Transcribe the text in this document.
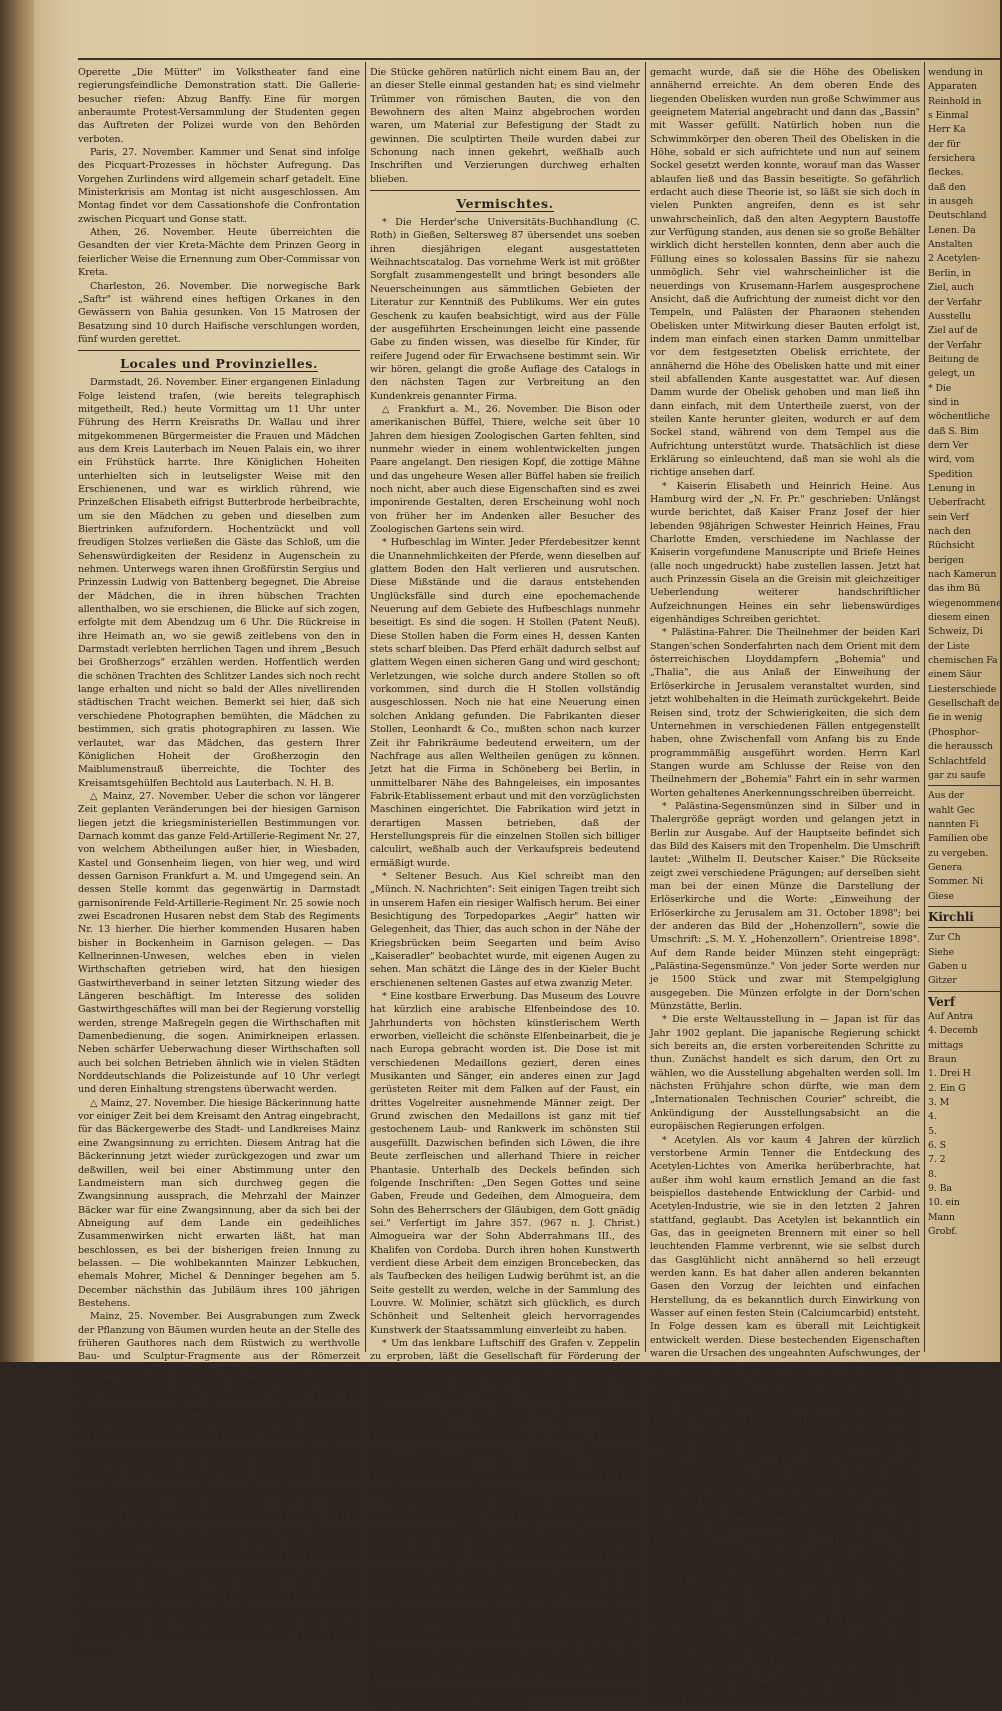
Operette „Die Mütter" im Volkstheater fand eine regierungsfeindliche Demonstration statt. Die Gallerie-besucher riefen: Abzug Banffy. Eine für morgen anberaumte Protest-Versammlung der Studenten gegen das Auftreten der Polizei wurde von den Behörden verboten.

Paris, 27. November. Kammer und Senat sind infolge des Picquart-Prozesses in höchster Aufregung. Das Vorgehen Zurlindens wird allgemein scharf getadelt. Eine Ministerkrisis am Montag ist nicht ausgeschlossen. Am Montag findet vor dem Cassationshofe die Confrontation zwischen Picquart und Gonse statt.

Athen, 26. November. Heute überreichten die Gesandten der vier Kreta-Mächte dem Prinzen Georg in feierlicher Weise die Ernennung zum Ober-Commissar von Kreta.

Charleston, 26. November. Die norwegische Bark „Saftr" ist während eines heftigen Orkanes in den Gewässern von Bahia gesunken. Von 15 Matrosen der Besatzung sind 10 durch Haifische verschlungen worden, fünf wurden gerettet.

Locales und Provinzielles.

Darmstadt, 26. November. Einer ergangenen Einladung Folge leistend trafen, (wie bereits telegraphisch mitgetheilt, Red.) heute Vormittag um 11 Uhr unter Führung des Herrn Kreisraths Dr. Wallau und ihrer mitgekommenen Bürgermeister die Frauen und Mädchen aus dem Kreis Lauterbach im Neuen Palais ein, wo ihrer ein Frühstück harrte. Ihre Königlichen Hoheiten unterhielten sich in leutseligster Weise mit den Erschienenen, und war es wirklich rührend, wie Prinzeßchen Elisabeth eifrigst Butterbrode herbeibrachte, um sie den Mädchen zu geben und dieselben zum Biertrinken aufzufordern. Hochentzückt und voll freudigen Stolzes verließen die Gäste das Schloß, um die Sehenswürdigkeiten der Residenz in Augenschein zu nehmen. Unterwegs waren ihnen Großfürstin Sergius und Prinzessin Ludwig von Battenberg begegnet. Die Abreise der Mädchen, die in ihren hübschen Trachten allenthalben, wo sie erschienen, die Blicke auf sich zogen, erfolgte mit dem Abendzug um 6 Uhr. Die Rückreise in ihre Heimath an, wo sie gewiß zeitlebens von den in Darmstadt verlebten herrlichen Tagen und ihrem „Besuch bei Großherzogs" erzählen werden. Hoffentlich werden die schönen Trachten des Schlitzer Landes sich noch recht lange erhalten und nicht so bald der Alles nivellirenden städtischen Tracht weichen. Bemerkt sei hier, daß sich verschiedene Photographen bemühten, die Mädchen zu bestimmen, sich gratis photographiren zu lassen. Wie verlautet, war das Mädchen, das gestern Ihrer Königlichen Hoheit der Großherzogin den Maiblumenstrauß überreichte, die Tochter des Kreisamtsgehülfen Bechtold aus Lauterbach. N. H. B.

△ Mainz, 27. November. Ueber die schon vor längerer Zeit geplanten Veränderungen bei der hiesigen Garnison liegen jetzt die kriegsministeriellen Bestimmungen vor. Darnach kommt das ganze Feld-Artillerie-Regiment Nr. 27, von welchem Abtheilungen außer hier, in Wiesbaden, Kastel und Gonsenheim liegen, von hier weg, und wird dessen Garnison Frankfurt a. M. und Umgegend sein. An dessen Stelle kommt das gegenwärtig in Darmstadt garnisonirende Feld-Artillerie-Regiment Nr. 25 sowie noch zwei Escadronen Husaren nebst dem Stab des Regiments Nr. 13 hierher. Die hierher kommenden Husaren haben bisher in Bockenheim in Garnison gelegen. — Das Kellnerinnen-Unwesen, welches eben in vielen Wirthschaften getrieben wird, hat den hiesigen Gastwirtheverband in seiner letzten Sitzung wieder des Längeren beschäftigt. Im Interesse des soliden Gastwirthgeschäftes will man bei der Regierung vorstellig werden, strenge Maßregeln gegen die Wirthschaften mit Damenbedienung, die sogen. Animirkneipen erlassen. Neben schärfer Ueberwachung dieser Wirthschaften soll auch bei solchen Betrieben ähnlich wie in vielen Städten Norddeutschlands die Polizeistunde auf 10 Uhr verlegt und deren Einhaltung strengstens überwacht werden.

△ Mainz, 27. November. Die hiesige Bäckerinnung hatte vor einiger Zeit bei dem Kreisamt den Antrag eingebracht, für das Bäckergewerbe des Stadt- und Landkreises Mainz eine Zwangsinnung zu errichten. Diesem Antrag hat die Bäckerinnung jetzt wieder zurückgezogen und zwar um deßwillen, weil bei einer Abstimmung unter den Landmeistern man sich durchweg gegen die Zwangsinnung aussprach, die Mehrzahl der Mainzer Bäcker war für eine Zwangsinnung, aber da sich bei der Abneigung auf dem Lande ein gedeihliches Zusammenwirken nicht erwarten läßt, hat man beschlossen, es bei der bisherigen freien Innung zu belassen. — Die wohlbekannten Mainzer Lebkuchen, ehemals Mohrer, Michel & Denninger begehen am 5. December nächsthin das Jubiläum ihres 100 jährigen Bestehens.

Mainz, 25. November. Bei Ausgrabungen zum Zweck der Pflanzung von Bäumen wurden heute an der Stelle des früheren Gauthores nach dem Rüstwich zu werthvolle Bau- und Sculptur-Fragmente aus der Römerzeit ausgefunden. So wurden die Reliefbilder sitzender Figuren, allerdings nur in den unteren Hälften, erhoben. Von außerordentlicher Bedeutung erwies sich die Freilegung einer größeren Strecke einer Mauer, bevor sie völlig ausgebrochen wurde. Hier zeigte sich offenkundig, mit welcher Absichtlichkeit die Bau- und Sculptur-Theile schonend vermauert worden waren; nach der Angriffseite nicht ein Stück mit der Bildseite nach außen gekehrt, sondern alle nach innen oder mindestens in den Lagerflächen verwendet. Man fand ferner Bogensteine mit Architrav-Profilen und Medaillons, die zu weiten Thoreingängen gehörten, Deckplatten und Pfeiler, Stücke von Wandpfeilern mit Cannelüren und Kapitälen, aufsteigende Flachverzierungen, die aus Thyrsusstäben, von Weinreben umwunden, gebildet sind; endlich einen figürlichen Relief, einen Bachus-Rumpf mit einem Ziegenbock darstellend. Die Inschrift mit Sorgfalt hergestellt und an den beiden Enden durch Medaillons mit Genien abgeschlossen. Die Entzifferung wird nicht ohne Schwierigkeit sein, weil ein Quader fehlt; doch ist zu ersehen, daß sich die Inschrift auf die Stadt Mainz bezieht.

Die Stücke gehören natürlich nicht einem Bau an, der an dieser Stelle einmal gestanden hat; es sind vielmehr Trümmer von römischen Bauten, die von den Bewohnern des alten Mainz abgebrochen worden waren, um Material zur Befestigung der Stadt zu gewinnen. Die sculptirten Theile wurden dabei zur Schonung nach innen gekehrt, weßhalb auch Inschriften und Verzierungen durchweg erhalten blieben.

Vermischtes.

* Die Herder'sche Universitäts-Buchhandlung (C. Roth) in Gießen, Seltersweg 87 übersendet uns soeben ihren diesjährigen elegant ausgestatteten Weihnachtscatalog. Das vornehme Werk ist mit größter Sorgfalt zusammengestellt und bringt besonders alle Neuerscheinungen aus sämmtlichen Gebieten der Literatur zur Kenntniß des Publikums. Wer ein gutes Geschenk zu kaufen beabsichtigt, wird aus der Fülle der ausgeführten Erscheinungen leicht eine passende Gabe zu finden wissen, was dieselbe für Kinder, für reifere Jugend oder für Erwachsene bestimmt sein. Wir wir hören, gelangt die große Auflage des Catalogs in den nächsten Tagen zur Verbreitung an den Kundenkreis genannter Firma.

△ Frankfurt a. M., 26. November. Die Bison oder amerikanischen Büffel, Thiere, welche seit über 10 Jahren dem hiesigen Zoologischen Garten fehlten, sind nunmehr wieder in einem wohlentwickelten jungen Paare angelangt. Den riesigen Kopf, die zottige Mähne und das ungeheure Wesen aller Büffel haben sie freilich noch nicht, aber auch diese Eigenschaften sind es zwei imponirende Gestalten, deren Erscheinung wohl noch von früher her im Andenken aller Besucher des Zoologischen Gartens sein wird.

* Hufbeschlag im Winter. Jeder Pferdebesitzer kennt die Unannehmlichkeiten der Pferde, wenn dieselben auf glattem Boden den Halt verlieren und ausrutschen. Diese Mißstände und die daraus entstehenden Unglücksfälle sind durch eine epochemachende Neuerung auf dem Gebiete des Hufbeschlags nunmehr beseitigt. Es sind die sogen. H Stollen (Patent Neuß). Diese Stollen haben die Form eines H, dessen Kanten stets scharf bleiben. Das Pferd erhält dadurch selbst auf glattem Wegen einen sicheren Gang und wird geschont; Verletzungen, wie solche durch andere Stollen so oft vorkommen, sind durch die H Stollen vollständig ausgeschlossen. Noch nie hat eine Neuerung einen solchen Anklang gefunden. Die Fabrikanten dieser Stollen, Leonhardt & Co., mußten schon nach kurzer Zeit ihr Fabrikräume bedeutend erweitern, um der Nachfrage aus allen Weltheilen genügen zu können. Jetzt hat die Firma in Schöneberg bei Berlin, in unmittelbarer Nähe des Bahngeleises, ein imposantes Fabrik-Etablissement erbaut und mit den vorzüglichsten Maschinen eingerichtet. Die Fabrikation wird jetzt in derartigen Massen betrieben, daß der Herstellungspreis für die einzelnen Stollen sich billiger calculirt, weßhalb auch der Verkaufspreis bedeutend ermäßigt wurde.

* Seltener Besuch. Aus Kiel schreibt man den „Münch. N. Nachrichten": Seit einigen Tagen treibt sich in unserem Hafen ein riesiger Walfisch herum. Bei einer Besichtigung des Torpedoparkes „Aegir" hatten wir Gelegenheit, das Thier, das auch schon in der Nähe der Kriegsbrücken beim Seegarten und beim Aviso „Kaiseradler" beobachtet wurde, mit eigenen Augen zu sehen. Man schätzt die Länge des in der Kieler Bucht erschienenen seltenen Gastes auf etwa zwanzig Meter.

* Eine kostbare Erwerbung. Das Museum des Louvre hat kürzlich eine arabische Elfenbeindose des 10. Jahrhunderts von höchsten künstlerischem Werth erworben, vielleicht die schönste Elfenbeinarbeit, die je nach Europa gebracht worden ist. Die Dose ist mit verschiedenen Medaillons geziert, deren eines Musikanten und Sänger, ein anderes einen zur Jagd gerüsteten Reiter mit dem Falken auf der Faust, ein drittes Vogelreiter ausnehmende Männer zeigt. Der Grund zwischen den Medaillons ist ganz mit tief gestochenem Laub- und Rankwerk im schönsten Stil ausgefüllt. Dazwischen befinden sich Löwen, die ihre Beute zerfleischen und allerhand Thiere in reicher Phantasie. Unterhalb des Deckels befinden sich folgende Inschriften: „Den Segen Gottes und seine Gaben, Freude und Gedeihen, dem Almogueira, dem Sohn des Beherrschers der Gläubigen, dem Gott gnädig sei." Verfertigt im Jahre 357. (967 n. J. Christ.) Almogueira war der Sohn Abderrahmans III., des Khalifen von Cordoba. Durch ihren hohen Kunstwerth verdient diese Arbeit dem einzigen Broncebecken, das als Taufbecken des heiligen Ludwig berühmt ist, an die Seite gestellt zu werden, welche in der Sammlung des Louvre. W. Molinier, schätzt sich glücklich, es durch Schönheit und Seltenheit gleich hervorragendes Kunstwerk der Staatssammlung einverleibt zu haben.

* Um das lenkbare Luftschiff des Grafen v. Zeppelin zu erproben, läßt die Gesellschaft für Förderung der Luftschifffahrt in Stuttgart, der ein Capital von einigen hunderttausend Mark zur Verfügung stehen soll, demnächst, laut dem „Staatsanzeiger für Württemberg", in der Nähe bei Manzell einen schwimmenden Schuppen von riesigen Größenverhältnissen herstellen. In diesem Schuppen soll unter Leitung eines Stuttgarter Maschinentechnikers das lenkbare Luftschiff hergestellt und mit diesem alsdann Flugversuche über den Bodensee gemacht werden.

* Die Aufrichtung der Obelisken, jener Steinkolosse aus der Pharaonenzeit, muß den alten Aegyptern ganz außerordentliche Mühe gemacht haben, weil ihnen keinerlei für diesen Zweck brauchbare Hilfsmittel zur Verfügung standen. Man hat sich lange Zeit darüber gewundert, daß den Aegyptern überhaupt die Bewältigung einer solchen Aufgabe gelungen ist und haben viele Muthmaßungen aufgestellt, welcher Mittel und Wege sie sich bedient haben. Eine sehr hübsche Lösung des Problems glaubt Arnoudeau gefunden zu haben, der annimmt, daß die Aufrichtung so gewaltiger Steinmassen den Aegyptern nur mit Hilfe der Austriebskraft des Wassers möglich gewesen sein wäre. Nach seiner Ansicht wurde der Obelisk an seinem Standort gebracht und dann eine Art von Umfriedung rund herum errichtet, die so hoch

gemacht wurde, daß sie die Höhe des Obelisken annähernd erreichte. An dem oberen Ende des liegenden Obelisken wurden nun große Schwimmer aus geeignetem Material angebracht und dann das „Bassin" mit Wasser gefüllt. Natürlich hoben nun die Schwimmkörper den oberen Theil des Obelisken in die Höhe, sobald er sich aufrichtete und nun auf seinem Sockel gesetzt werden konnte, worauf man das Wasser ablaufen ließ und das Bassin beseitigte. So gefährlich erdacht auch diese Theorie ist, so läßt sie sich doch in vielen Punkten angreifen, denn es ist sehr unwahrscheinlich, daß den alten Aegyptern Baustoffe zur Verfügung standen, aus denen sie so große Behälter wirklich dicht herstellen konnten, denn aber auch die Füllung eines so kolossalen Bassins für sie nahezu unmöglich. Sehr viel wahrscheinlicher ist die neuerdings von Krusemann-Harlem ausgesprochene Ansicht, daß die Aufrichtung der zumeist dicht vor den Tempeln, und Palästen der Pharaonen stehenden Obelisken unter Mitwirkung dieser Bauten erfolgt ist, indem man einfach einen starken Damm unmittelbar vor dem festgesetzten Obelisk errichtete, der annähernd die Höhe des Obelisken hatte und mit einer steil abfallenden Kante ausgestattet war. Auf diesen Damm wurde der Obelisk gehoben und man ließ ihn dann einfach, mit dem Untertheile zuerst, von der steilen Kante herunter gleiten, wodurch er auf dem Sockel stand, während von dem Tempel aus die Aufrichtung unterstützt wurde. Thatsächlich ist diese Erklärung so einleuchtend, daß man sie wohl als die richtige ansehen darf.

* Kaiserin Elisabeth und Heinrich Heine. Aus Hamburg wird der „N. Fr. Pr." geschrieben: Unlängst wurde berichtet, daß Kaiser Franz Josef der hier lebenden 98jährigen Schwester Heinrich Heines, Frau Charlotte Emden, verschiedene im Nachlasse der Kaiserin vorgefundene Manuscripte und Briefe Heines (alle noch ungedruckt) habe zustellen lassen. Jetzt hat auch Prinzessin Gisela an die Greisin mit gleichzeitiger Ueberlendung weiterer handschriftlicher Aufzeichnungen Heines ein sehr liebenswürdiges eigenhändiges Schreiben gerichtet.

* Palästina-Fahrer. Die Theilnehmer der beiden Karl Stangen'schen Sonderfahrten nach dem Orient mit dem österreichischen Lloyddampfern „Bohemia" und „Thalia", die aus Anlaß der Einweihung der Erlöserkirche in Jerusalem veranstaltet wurden, sind jetzt wohlbehalten in die Heimath zurückgekehrt. Beide Reisen sind, trotz der Schwierigkeiten, die sich dem Unternehmen in verschiedenen Fällen entgegenstellt haben, ohne Zwischenfall vom Anfang bis zu Ende programmmäßig ausgeführt worden. Herrn Karl Stangen wurde am Schlusse der Reise von den Theilnehmern der „Bohemia" Fahrt ein in sehr warmen Worten gehaltenes Anerkennungsschreiben überreicht.

* Palästina-Segensmünzen sind in Silber und in Thalergröße geprägt worden und gelangen jetzt in Berlin zur Ausgabe. Auf der Hauptseite befindet sich das Bild des Kaisers mit den Tropenhelm. Die Umschrift lautet: „Wilhelm II. Deutscher Kaiser." Die Rückseite zeigt zwei verschiedene Prägungen; auf derselben sieht man bei der einen Münze die Darstellung der Erlöserkirche und die Worte: „Einweihung der Erlöserkirche zu Jerusalem am 31. October 1898"; bei der anderen das Bild der „Hohenzollern", sowie die Umschrift: „S. M. Y. „Hohenzollern". Orientreise 1898". Auf dem Rande beider Münzen steht eingeprägt: „Palästina-Segensmünze." Von jeder Sorte werden nur je 1500 Stück und zwar mit Stempelgiglung ausgegeben. Die Münzen erfolgte in der Dorn'schen Münzstätte, Berlin.

* Die erste Weltausstellung in — Japan ist für das Jahr 1902 geplant. Die japanische Regierung schickt sich bereits an, die ersten vorbereitenden Schritte zu thun. Zunächst handelt es sich darum, den Ort zu wählen, wo die Ausstellung abgehalten werden soll. Im nächsten Frühjahre schon dürfte, wie man dem „Internationalen Technischen Courier" schreibt, die Ankündigung der Ausstellungsabsicht an die europäischen Regierungen erfolgen.

* Acetylen. Als vor kaum 4 Jahren der kürzlich verstorbene Armin Tenner die Entdeckung des Acetylen-Lichtes von Amerika herüberbrachte, hat außer ihm wohl kaum ernstlich Jemand an die fast beispiellos dastehende Entwicklung der Carbid- und Acetylen-Industrie, wie sie in den letzten 2 Jahren stattfand, geglaubt. Das Acetylen ist bekanntlich ein Gas, das in geeigneten Brennern mit einer so hell leuchtenden Flamme verbrennt, wie sie selbst durch das Gasglühlicht nicht annähernd so hell erzeugt werden kann. Es hat daher allen anderen bekannten Gasen den Vorzug der leichten und einfachen Herstellung, da es bekanntlich durch Einwirkung von Wasser auf einen festen Stein (Calciumcarbid) entsteht. In Folge dessen kam es überall mit Leichtigkeit entwickelt werden. Diese bestechenden Eigenschaften waren die Ursachen des ungeahnten Aufschwunges, der sich alsbald mit großem Eifer auf die industrielle Ausbeutung dieses „neuen Lichtes der Zukunft" zu werfen. Leider waren die Unternehmen anfänglich in allzu großer Zahl vorhanden. Die Folgen davon sind bekannt. Mit diese brennbare Gase, so kann auch das Acetylen unter gewissen Bedingungen zu mehr oder weniger heftigen Explosionen gebracht werden. Da diese Bedingungen bei der Neuheit der Acetylenverwendung nicht genügend studirt waren, konnte man bald überall von zum Theil sehr heftigen Acetylen-Explosionen hören, welche leider oft genug den Tod von Menschenleben bewirkten. Die Folge davon war, daß, wie in vielen Ländern, so auch in Deutschland, drakonische Gesetze und Polizeiverordnungen erlassen wurden, welche die Anwendung von Acetylen derartig erschwerten, daß man in weiten Kreisen, zumal bei den übergroßen Aengstlichkeit des Publikums, über das gefährliche Acetylenlicht zur Tagesordnung überging. Die Möglichkeit seiner allgemeinen Einführung schien ausgeschlossen. Diese Unterdrückung schien dem Acetylen zum Segen gereichen. Eine gar nicht so kleine Schaar begeisterter und berufener Anhänger arbeitete im Stillen eifrig an der technischen Ausbildung der Erzeugung und Verwerthung des Acetylenlichts. Es gelang bald, die Bedingungen seiner rationellen An-

wendung in

Apparaten

Reinhold in

s Einmal

Herr Ka

der für

fersichera

fleckes.

daß den

in ausgeh

Deutschland

Lenen. Da

Anstalten

2 Acetylen-

Berlin, in

Ziel, auch

der Verfahr

Ausstellu

Ziel auf de

der Verfahr

Beitung de

gelegt, un

* Die

sind in

wöchentliche

daß S. Bim

dern Ver

wird, vom

Spedition

Lenung in

Ueberfracht

sein Verf

nach den

Rüchsicht

berigen

nach Kamerun

das ihm Bü

wiegenommene

diesem einen

Schweiz, Di

der Liste

chemischen Fa

einem Säur

Liesterschiede

Gesellschaft de

fie in wenig

(Phosphor-

die heraussch

Schlachtfeld

gar zu saufe

Aus der

wahlt Gec

nannten Fi

Familien obe

zu vergeben.

Genera

Sommer. Ni

Giese

Kirchli

Zur Ch

Siehe

Gaben u

Gitzer

Verf

Auf Antra

4. Decemb

mittags

Braun

1. Drei H

2. Ein G

3. M

4.

5.

6. S

7. 2

8.

9. Ba

10. ein

Mann

Grobf.
